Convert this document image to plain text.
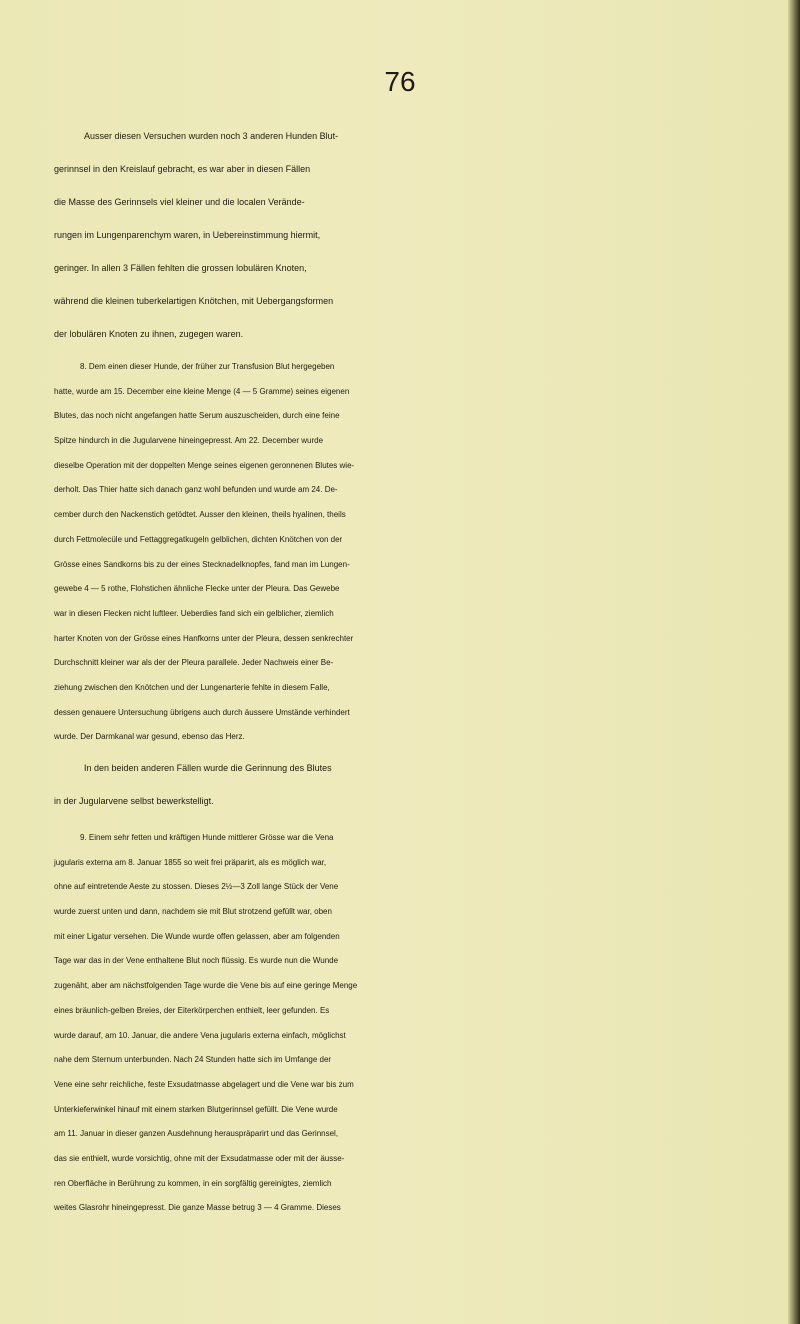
76
Ausser diesen Versuchen wurden noch 3 anderen Hunden Blut-
gerinnsel in den Kreislauf gebracht, es war aber in diesen Fällen
die Masse des Gerinnsels viel kleiner und die localen Verände-
rungen im Lungenparenchym waren, in Uebereinstimmung hiermit,
geringer. In allen 3 Fällen fehlten die grossen lobulären Knoten,
während die kleinen tuberkelartigen Knötchen, mit Uebergangsformen
der lobulären Knoten zu ihnen, zugegen waren.
8. Dem einen dieser Hunde, der früher zur Transfusion Blut hergegeben
hatte, wurde am 15. December eine kleine Menge (4 — 5 Gramme) seines eigenen
Blutes, das noch nicht angefangen hatte Serum auszuscheiden, durch eine feine
Spitze hindurch in die Jugularvene hineingepresst. Am 22. December wurde
dieselbe Operation mit der doppelten Menge seines eigenen geronnenen Blutes wie-
derholt. Das Thier hatte sich danach ganz wohl befunden und wurde am 24. De-
cember durch den Nackenstich getödtet. Ausser den kleinen, theils hyalinen, theils
durch Fettmolecüle und Fettaggregatkugeln gelblichen, dichten Knötchen von der
Grösse eines Sandkorns bis zu der eines Stecknadelknopfes, fand man im Lungen-
gewebe 4 — 5 rothe, Flohstichen ähnliche Flecke unter der Pleura. Das Gewebe
war in diesen Flecken nicht luftleer. Ueberdies fand sich ein gelblicher, ziemlich
harter Knoten von der Grösse eines Hanfkorns unter der Pleura, dessen senkrechter
Durchschnitt kleiner war als der der Pleura parallele. Jeder Nachweis einer Be-
ziehung zwischen den Knötchen und der Lungenarterie fehlte in diesem Falle,
dessen genauere Untersuchung übrigens auch durch äussere Umstände verhindert
wurde. Der Darmkanal war gesund, ebenso das Herz.
In den beiden anderen Fällen wurde die Gerinnung des Blutes
in der Jugularvene selbst bewerkstelligt.
9. Einem sehr fetten und kräftigen Hunde mittlerer Grösse war die Vena
jugularis externa am 8. Januar 1855 so weit frei präparirt, als es möglich war,
ohne auf eintretende Aeste zu stossen. Dieses 2½—3 Zoll lange Stück der Vene
wurde zuerst unten und dann, nachdem sie mit Blut strotzend gefüllt war, oben
mit einer Ligatur versehen. Die Wunde wurde offen gelassen, aber am folgenden
Tage war das in der Vene enthaltene Blut noch flüssig. Es wurde nun die Wunde
zugenäht, aber am nächstfolgenden Tage wurde die Vene bis auf eine geringe Menge
eines bräunlich-gelben Breies, der Eiterkörperchen enthielt, leer gefunden. Es
wurde darauf, am 10. Januar, die andere Vena jugularis externa einfach, möglichst
nahe dem Sternum unterbunden. Nach 24 Stunden hatte sich im Umfange der
Vene eine sehr reichliche, feste Exsudatmasse abgelagert und die Vene war bis zum
Unterkieferwinkel hinauf mit einem starken Blutgerinnsel gefüllt. Die Vene wurde
am 11. Januar in dieser ganzen Ausdehnung herauspräparirt und das Gerinnsel,
das sie enthielt, wurde vorsichtig, ohne mit der Exsudatmasse oder mit der äusse-
ren Oberfläche in Berührung zu kommen, in ein sorgfältig gereinigtes, ziemlich
weites Glasrohr hineingepresst. Die ganze Masse betrug 3 — 4 Gramme. Dieses
